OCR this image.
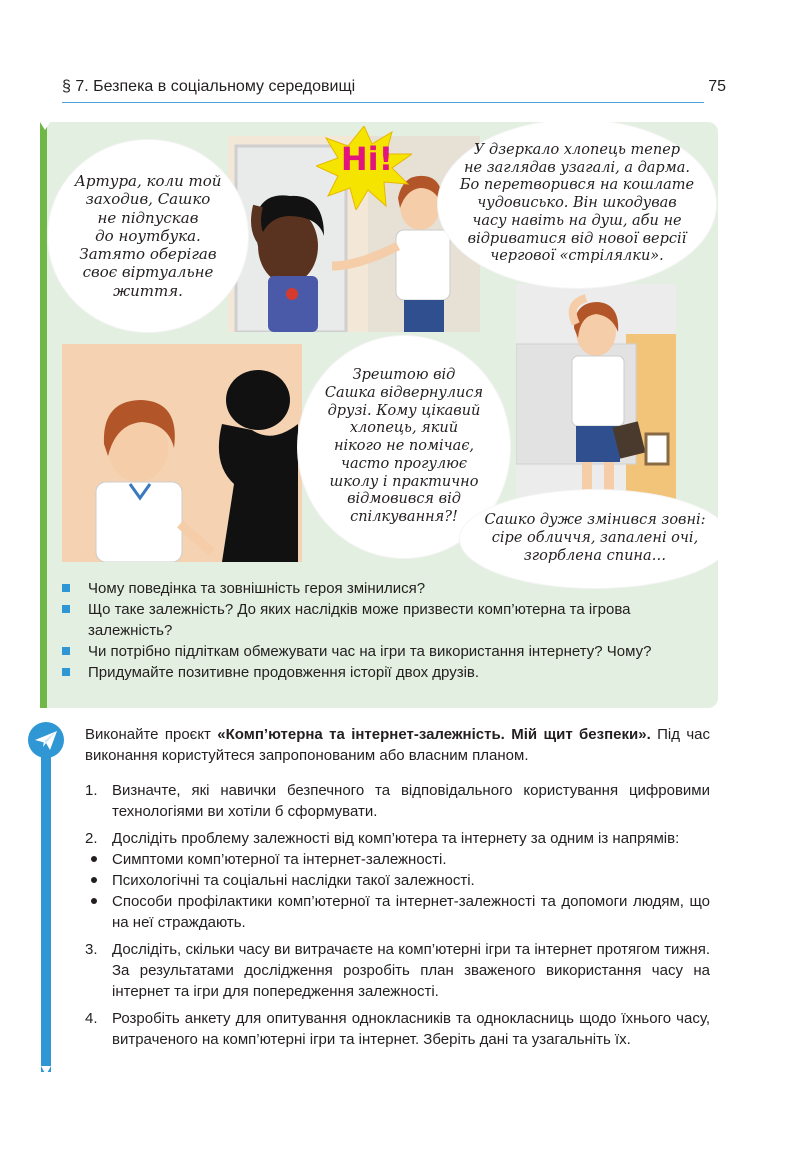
§ 7. Безпека в соціальному середовищі	75
Ні!
Артура, коли той
заходив, Сашко
не підпускав
до ноутбука.
Затято оберігав
своє віртуальне
життя.
У дзеркало хлопець тепер
не заглядав узагалі, а дарма.
Бо перетворився на кошлате
чудовисько. Він шкодував
часу навіть на душ, аби не
відриватися від нової версії
чергової «стрілялки».
Зрештою від
Сашка відвернулися
друзі. Кому цікавий
хлопець, який
нікого не помічає,
часто прогулює
школу і практично
відмовився від
спілкування?!	Сашко дуже змінився зовні:
сіре обличчя, запалені очі,
згорблена спина…
Чому поведінка та зовнішність героя змінилися?
Що таке залежність? До яких наслідків може призвести комп’ютерна та ігрова залежність?
Чи потрібно підліткам обмежувати час на ігри та використання інтернету? Чому?
Придумайте позитивне продовження історії двох друзів.
Виконайте проєкт «Комп’ютерна та інтернет-залежність. Мій щит безпеки». Під час виконання користуйтеся запропонованим або власним планом.
1. Визначте, які навички безпечного та відповідального користування цифровими технологіями ви хотіли б сформувати.
2. Дослідіть проблему залежності від комп’ютера та інтернету за одним із напрямів:
Симптоми комп’ютерної та інтернет-залежності.
Психологічні та соціальні наслідки такої залежності.
Способи профілактики комп’ютерної та інтернет-залежності та допомоги людям, що на неї страждають.
3. Дослідіть, скільки часу ви витрачаєте на комп’ютерні ігри та інтернет протягом тижня. За результатами дослідження розробіть план зваженого використання часу на інтернет та ігри для попередження залежності.
4. Розробіть анкету для опитування однокласників та однокласниць щодо їхнього часу, витраченого на комп’ютерні ігри та інтернет. Зберіть дані та узагальніть їх.
